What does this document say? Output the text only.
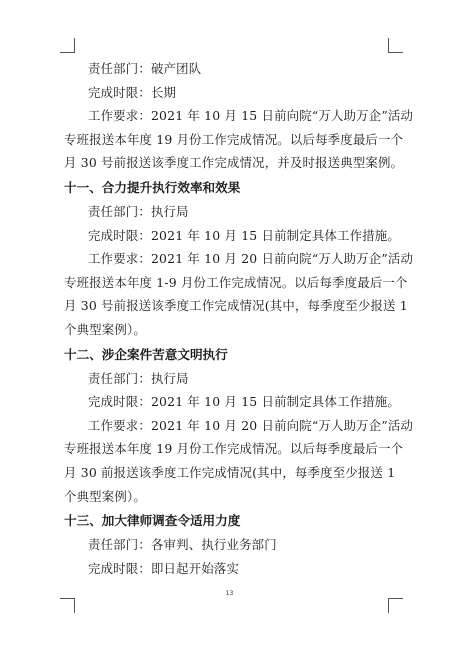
责任部门：破产团队
完成时限：长期
工作要求：2021 年 10 月 15 日前向院“万人助万企”活动
专班报送本年度 19 月份工作完成情况。以后每季度最后一个
月 30 号前报送该季度工作完成情况，并及时报送典型案例。
十一、合力提升执行效率和效果
责任部门：执行局
完成时限：2021 年 10 月 15 日前制定具体工作措施。
工作要求：2021 年 10 月 20 日前向院“万人助万企”活动
专班报送本年度 1-9 月份工作完成情况。以后每季度最后一个
月 30 号前报送该季度工作完成情况(其中，每季度至少报送 1
个典型案例）。
十二、涉企案件苦意文明执行
责任部门：执行局
完成时限：2021 年 10 月 15 日前制定具体工作措施。
工作要求：2021 年 10 月 20 日前向院“万人助万企”活动
专班报送本年度 19 月份工作完成情况。以后每季度最后一个
月 30 前报送该季度工作完成情况(其中，每季度至少报送 1
个典型案例）。
十三、加大律师调查令适用力度
责任部门：各审判、执行业务部门
完成时限：即日起开始落实
13
